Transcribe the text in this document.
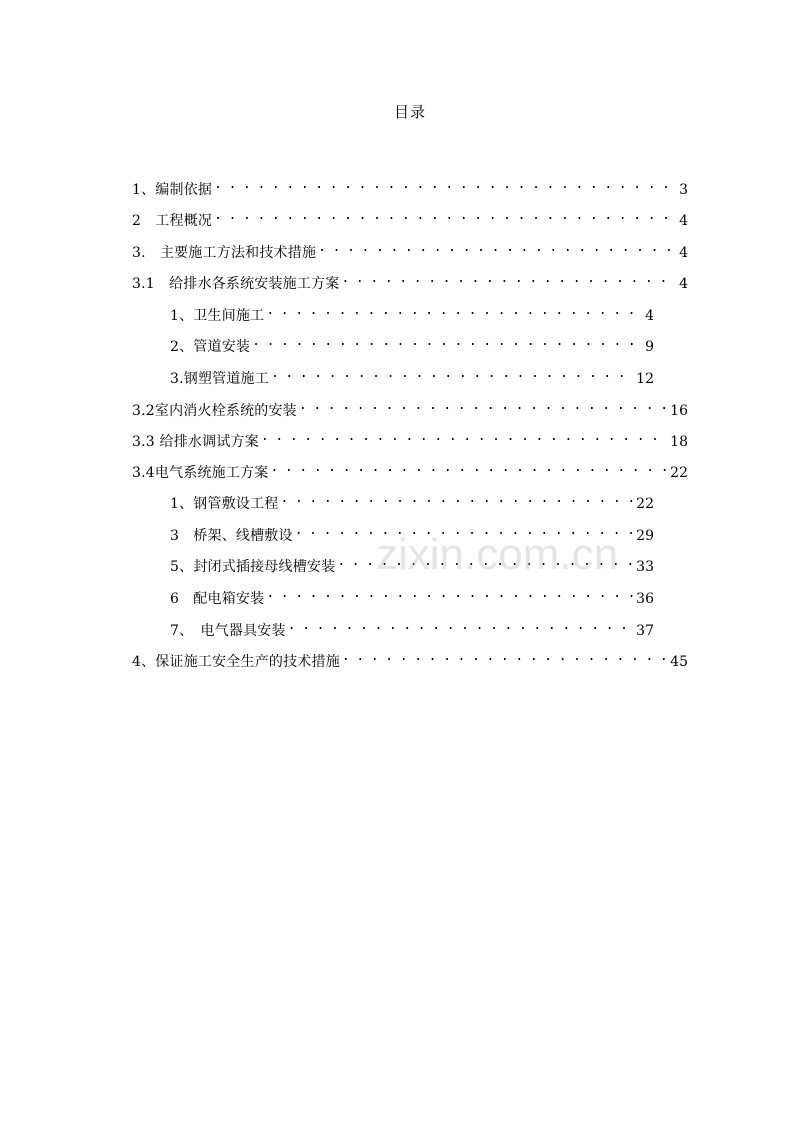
目录
1、编制依据 . . .	3
2　工程概况 . . .	4
3.　主要施工方法和技术措施 . . .	4
3.1　给排水各系统安装施工方案 . . .	4
1、卫生间施工 . . .	4
2、管道安装 . . .	9
3.钢塑管道施工 . . .	12
3.2室内消火栓系统的安装 . . .	16
3.3 给排水调试方案 . . .	18
3.4电气系统施工方案 . . .	22
1、钢管敷设工程 . . .	22
3　桥架、线槽敷设 . . .	29
5、封闭式插接母线槽安装 . . .	33
6　配电箱安装 . . .	36
7、　电气器具安装 . . .	37
4、保证施工安全生产的技术措施 . . .	45
zixin.com.cn
